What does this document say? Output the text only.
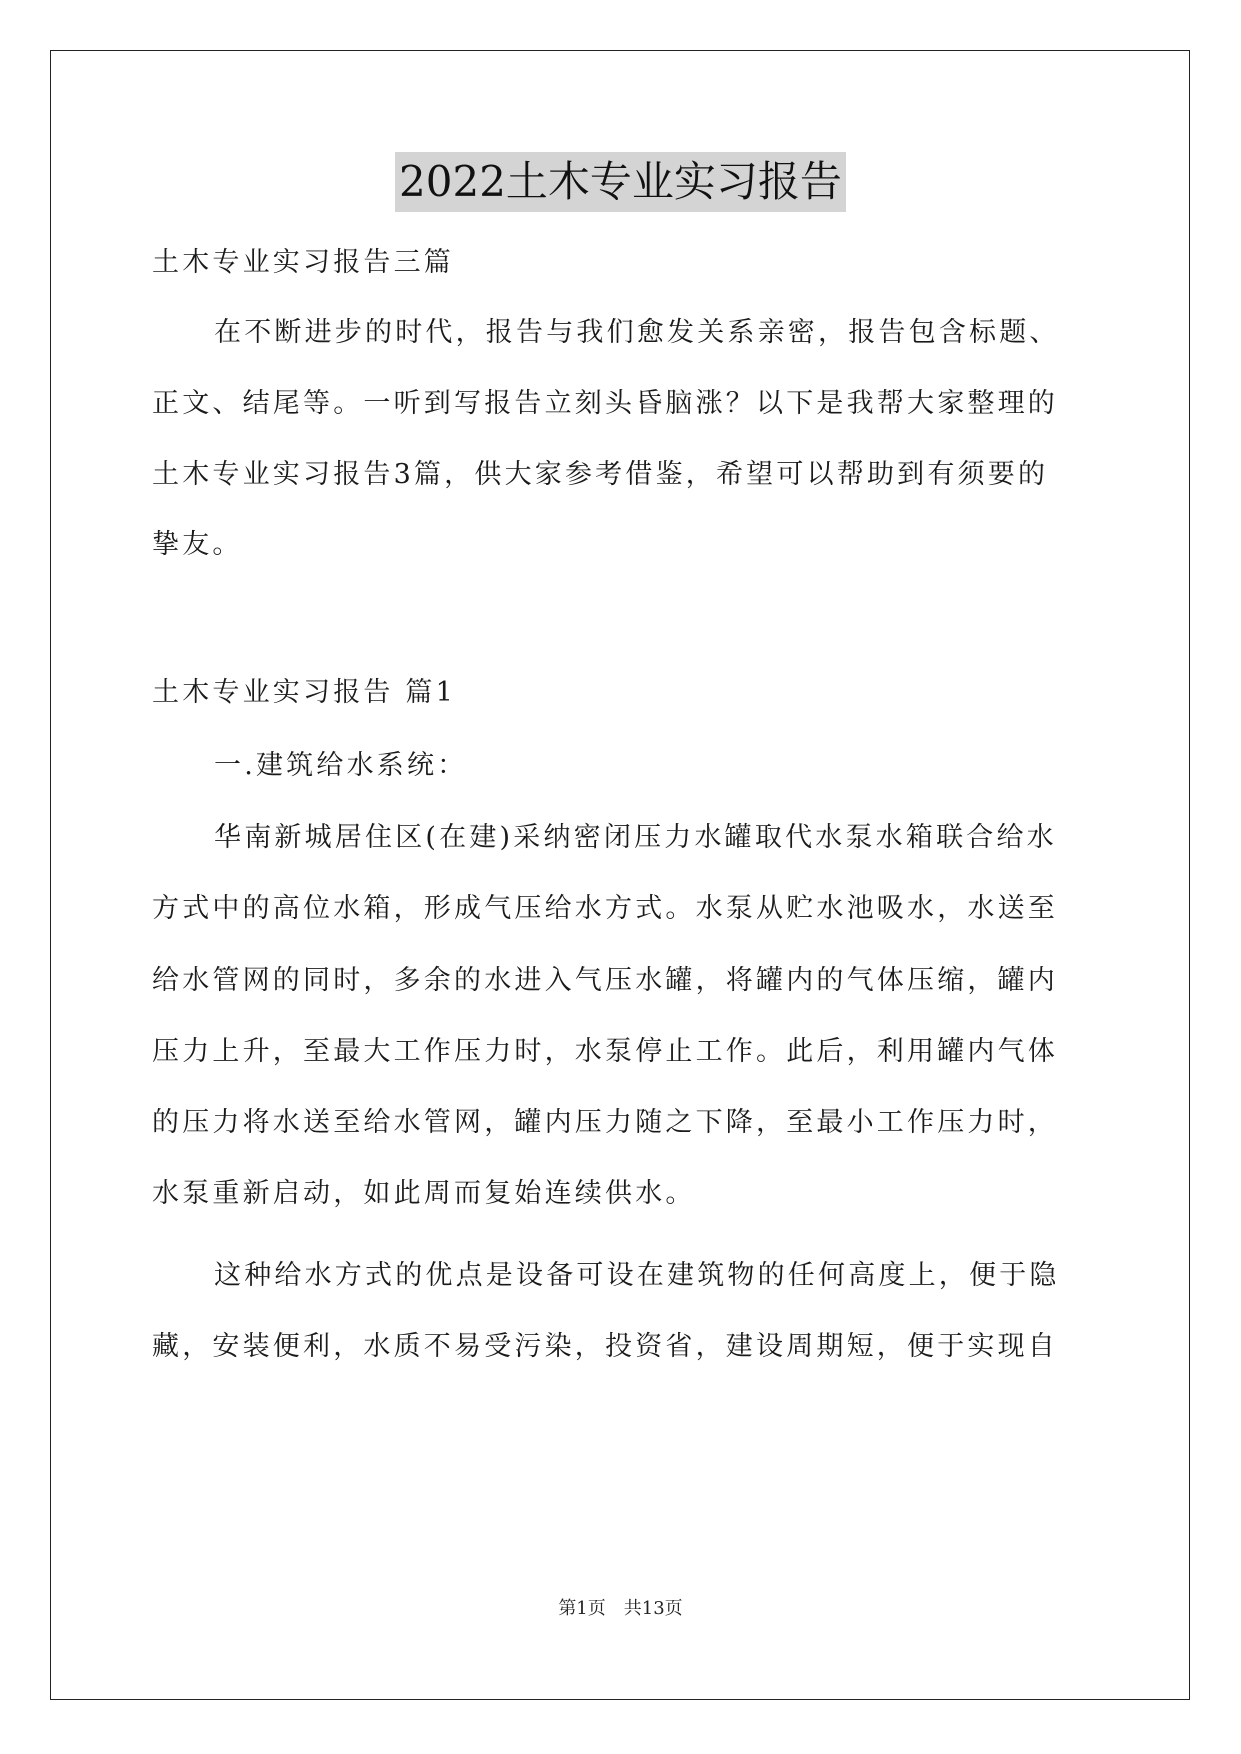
2022土木专业实习报告
土木专业实习报告三篇
在不断进步的时代，报告与我们愈发关系亲密，报告包含标题、
正文、结尾等。一听到写报告立刻头昏脑涨？以下是我帮大家整理的
土木专业实习报告3篇，供大家参考借鉴，希望可以帮助到有须要的
挚友。
土木专业实习报告 篇1
一.建筑给水系统：
华南新城居住区(在建)采纳密闭压力水罐取代水泵水箱联合给水
方式中的高位水箱，形成气压给水方式。水泵从贮水池吸水，水送至
给水管网的同时，多余的水进入气压水罐，将罐内的气体压缩，罐内
压力上升，至最大工作压力时，水泵停止工作。此后，利用罐内气体
的压力将水送至给水管网，罐内压力随之下降，至最小工作压力时，
水泵重新启动，如此周而复始连续供水。
这种给水方式的优点是设备可设在建筑物的任何高度上，便于隐
藏，安装便利，水质不易受污染，投资省，建设周期短，便于实现自
第1页　共13页
